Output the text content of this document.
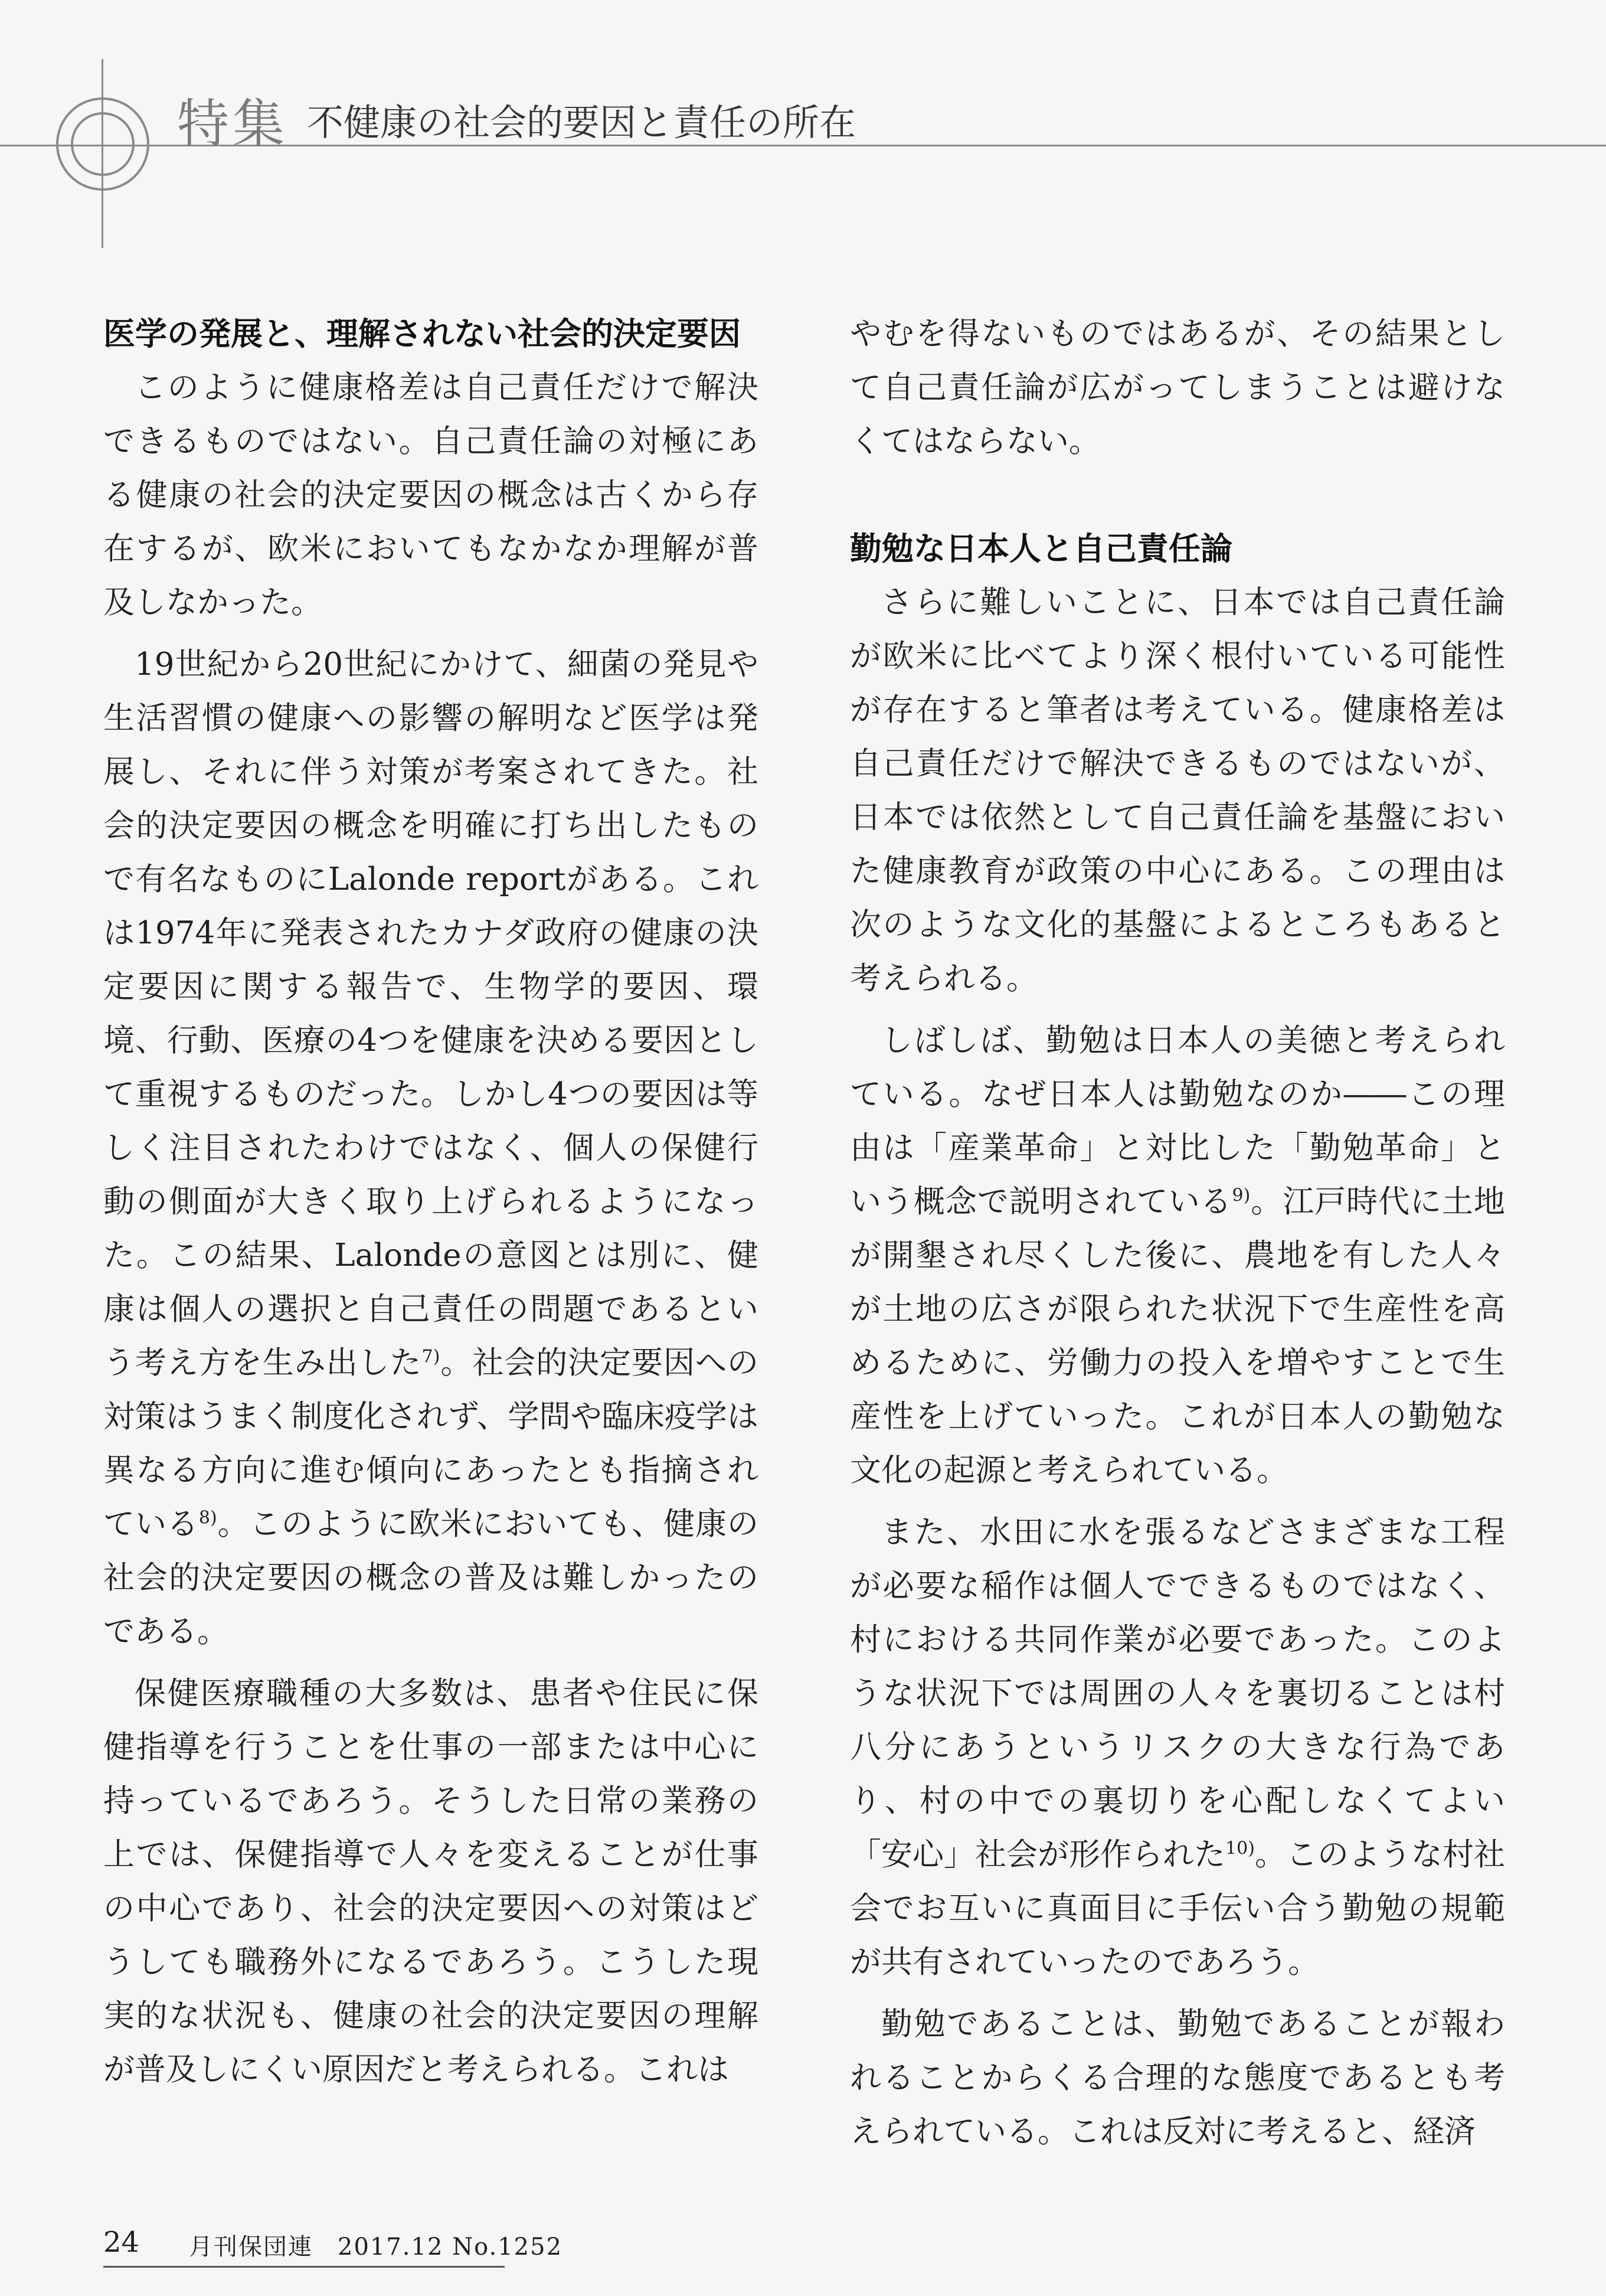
特集 不健康の社会的要因と責任の所在
医学の発展と、理解されない社会的決定要因

このように健康格差は自己責任だけで解決できるものではない。自己責任論の対極にある健康の社会的決定要因の概念は古くから存在するが、欧米においてもなかなか理解が普及しなかった。

19世紀から20世紀にかけて、細菌の発見や生活習慣の健康への影響の解明など医学は発展し、それに伴う対策が考案されてきた。社会的決定要因の概念を明確に打ち出したもので有名なものにLalonde reportがある。これは1974年に発表されたカナダ政府の健康の決定要因に関する報告で、生物学的要因、環境、行動、医療の4つを健康を決める要因として重視するものだった。しかし4つの要因は等しく注目されたわけではなく、個人の保健行動の側面が大きく取り上げられるようになった。この結果、Lalondeの意図とは別に、健康は個人の選択と自己責任の問題であるという考え方を生み出した$^{7)}$。社会的決定要因への対策はうまく制度化されず、学問や臨床疫学は異なる方向に進む傾向にあったとも指摘されている$^{8)}$。このように欧米においても、健康の社会的決定要因の概念の普及は難しかったのである。

保健医療職種の大多数は、患者や住民に保健指導を行うことを仕事の一部または中心に持っているであろう。そうした日常の業務の上では、保健指導で人々を変えることが仕事の中心であり、社会的決定要因への対策はどうしても職務外になるであろう。こうした現実的な状況も、健康の社会的決定要因の理解が普及しにくい原因だと考えられる。これは

やむを得ないものではあるが、その結果として自己責任論が広がってしまうことは避けなくてはならない。

勤勉な日本人と自己責任論

さらに難しいことに、日本では自己責任論が欧米に比べてより深く根付いている可能性が存在すると筆者は考えている。健康格差は自己責任だけで解決できるものではないが、日本では依然として自己責任論を基盤においた健康教育が政策の中心にある。この理由は次のような文化的基盤によるところもあると考えられる。

しばしば、勤勉は日本人の美徳と考えられている。なぜ日本人は勤勉なのか――この理由は「産業革命」と対比した「勤勉革命」という概念で説明されている$^{9)}$。江戸時代に土地が開墾され尽くした後に、農地を有した人々が土地の広さが限られた状況下で生産性を高めるために、労働力の投入を増やすことで生産性を上げていった。これが日本人の勤勉な文化の起源と考えられている。

また、水田に水を張るなどさまざまな工程が必要な稲作は個人でできるものではなく、村における共同作業が必要であった。このような状況下では周囲の人々を裏切ることは村八分にあうというリスクの大きな行為であり、村の中での裏切りを心配しなくてよい「安心」社会が形作られた$^{10)}$。このような村社会でお互いに真面目に手伝い合う勤勉の規範が共有されていったのであろう。

勤勉であることは、勤勉であることが報われることからくる合理的な態度であるとも考えられている。これは反対に考えると、経済

24 月刊保団連　2017.12 No.1252
